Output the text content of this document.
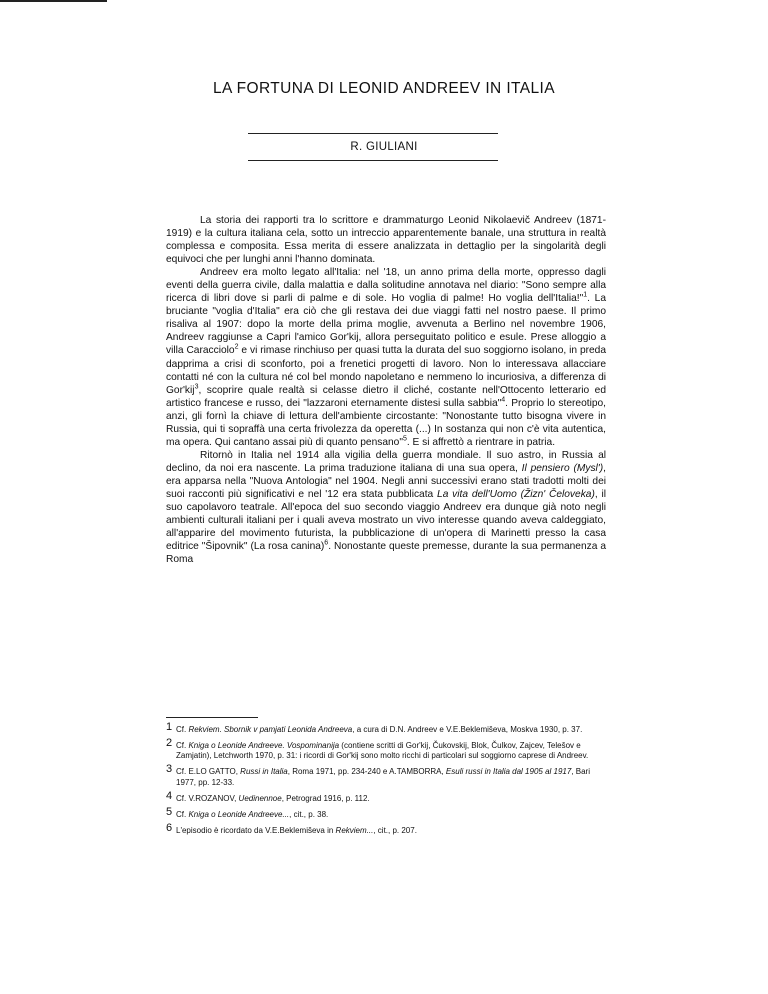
LA FORTUNA DI LEONID ANDREEV IN ITALIA
R. GIULIANI

La storia dei rapporti tra lo scrittore e drammaturgo Leonid Nikolaevič Andreev (1871-1919) e la cultura italiana cela, sotto un intreccio apparentemente banale, una struttura in realtà complessa e composita. Essa merita di essere analizzata in dettaglio per la singolarità degli equivoci che per lunghi anni l'hanno dominata.

Andreev era molto legato all'Italia: nel '18, un anno prima della morte, oppresso dagli eventi della guerra civile, dalla malattia e dalla solitudine annotava nel diario: "Sono sempre alla ricerca di libri dove si parli di palme e di sole. Ho voglia di palme! Ho voglia dell'Italia!"$^1$. La bruciante "voglia d'Italia" era ciò che gli restava dei due viaggi fatti nel nostro paese. Il primo risaliva al 1907: dopo la morte della prima moglie, avvenuta a Berlino nel novembre 1906, Andreev raggiunse a Capri l'amico Gor'kij, allora perseguitato politico e esule. Prese alloggio a villa Caracciolo$^2$ e vi rimase rinchiuso per quasi tutta la durata del suo soggiorno isolano, in preda dapprima a crisi di sconforto, poi a frenetici progetti di lavoro. Non lo interessava allacciare contatti né con la cultura né col bel mondo napoletano e nemmeno lo incuriosiva, a differenza di Gor'kij$^3$, scoprire quale realtà si celasse dietro il cliché, costante nell'Ottocento letterario ed artistico francese e russo, dei "lazzaroni eternamente distesi sulla sabbia"$^4$. Proprio lo stereotipo, anzi, gli fornì la chiave di lettura dell'ambiente circostante: "Nonostante tutto bisogna vivere in Russia, qui ti sopraffà una certa frivolezza da operetta (...) In sostanza qui non c'è vita autentica, ma opera. Qui cantano assai più di quanto pensano"$^5$. E si affrettò a rientrare in patria.

Ritornò in Italia nel 1914 alla vigilia della guerra mondiale. Il suo astro, in Russia al declino, da noi era nascente. La prima traduzione italiana di una sua opera, Il pensiero (Mysl'), era apparsa nella "Nuova Antologia" nel 1904. Negli anni successivi erano stati tradotti molti dei suoi racconti più significativi e nel '12 era stata pubblicata La vita dell'Uomo (Žizn' Čeloveka), il suo capolavoro teatrale. All'epoca del suo secondo viaggio Andreev era dunque già noto negli ambienti culturali italiani per i quali aveva mostrato un vivo interesse quando aveva caldeggiato, all'apparire del movimento futurista, la pubblicazione di un'opera di Marinetti presso la casa editrice "Šipovnik" (La rosa canina)$^6$. Nonostante queste premesse, durante la sua permanenza a Roma

1 Cf. Rekviem. Sbornik v pamjati Leonida Andreeva, a cura di D.N. Andreev e V.E.Beklemiševa, Moskva 1930, p. 37.
2 Cf. Kniga o Leonide Andreeve. Vospominanija (contiene scritti di Gor'kij, Čukovskij, Blok, Čulkov, Zajcev, Telešov e Zamjatin), Letchworth 1970, p. 31: i ricordi di Gor'kij sono molto ricchi di particolari sul soggiorno caprese di Andreev.
3 Cf. E.LO GATTO, Russi in Italia, Roma 1971, pp. 234-240 e A.TAMBORRA, Esuli russi in Italia dal 1905 al 1917, Bari 1977, pp. 12-33.
4 Cf. V.ROZANOV, Uedinennoe, Petrograd 1916, p. 112.
5 Cf. Kniga o Leonide Andreeve..., cit., p. 38.
6 L'episodio è ricordato da V.E.Beklemiševa in Rekviem..., cit., p. 207.
